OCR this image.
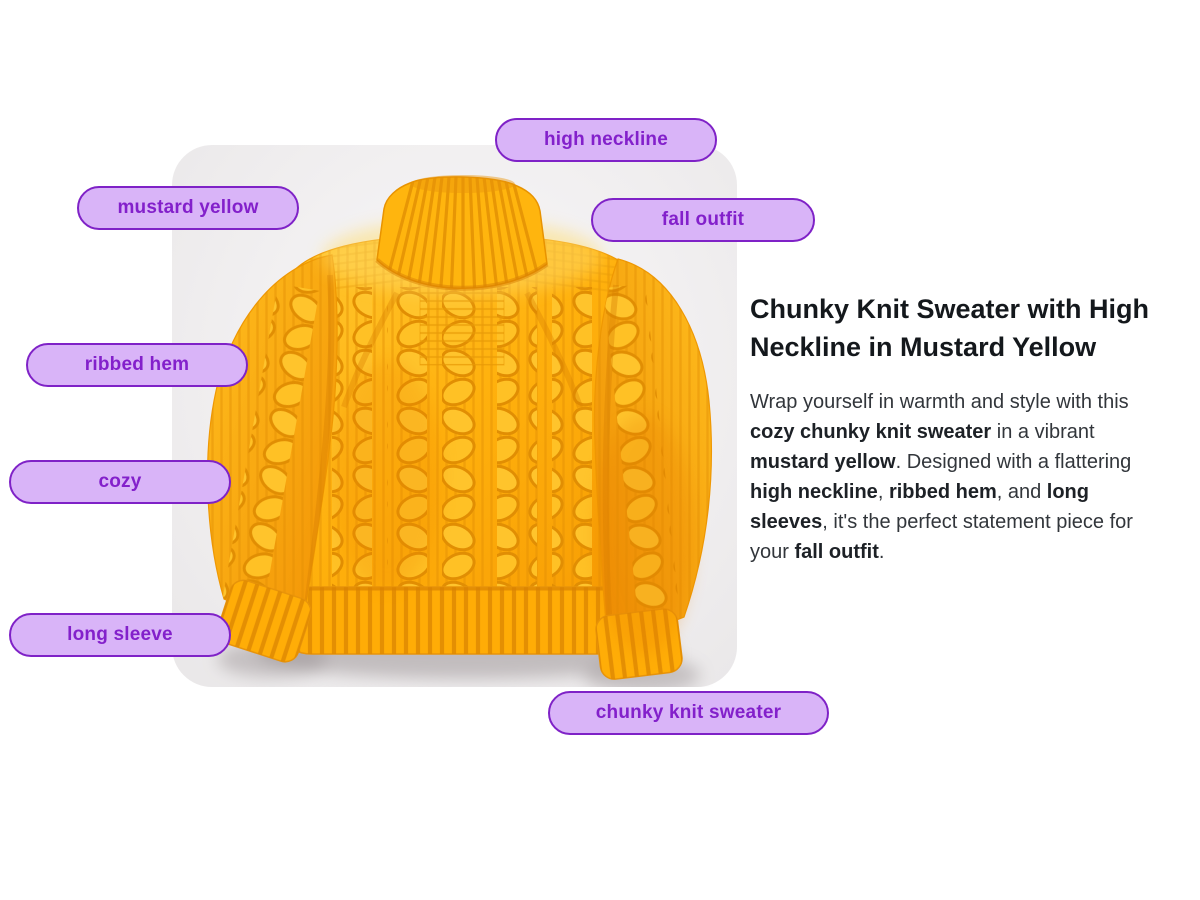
high neckline
mustard yellow
fall outfit
ribbed hem
cozy
long sleeve
chunky knit sweater
Chunky Knit Sweater with High Neckline in Mustard Yellow

Wrap yourself in warmth and style with this cozy chunky knit sweater in a vibrant mustard yellow. Designed with a flattering high neckline, ribbed hem, and long sleeves, it's the perfect statement piece for your fall outfit.
